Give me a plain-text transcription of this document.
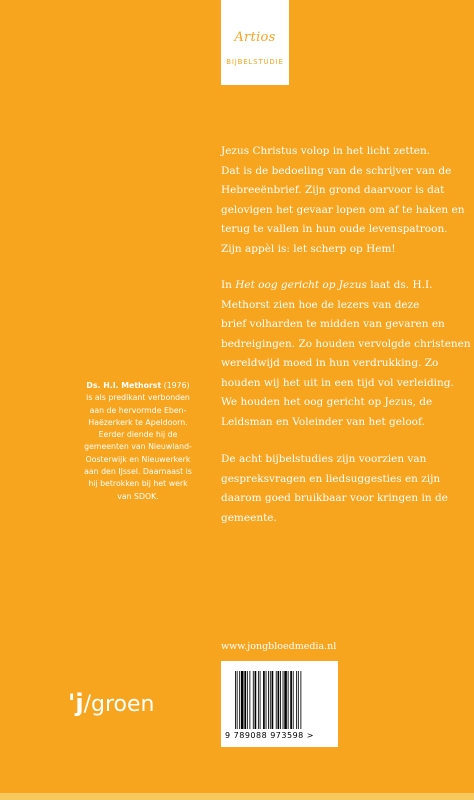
Artios
BIJBELSTUDIE
Jezus Christus volop in het licht zetten.
Dat is de bedoeling van de schrijver van de
Hebreeënbrief. Zijn grond daarvoor is dat
gelovigen het gevaar lopen om af te haken en
terug te vallen in hun oude levenspatroon.
Zijn appèl is: let scherp op Hem!
In Het oog gericht op Jezus laat ds. H.I.
Methorst zien hoe de lezers van deze
brief volharden te midden van gevaren en
bedreigingen. Zo houden vervolgde christenen
wereldwijd moed in hun verdrukking. Zo
houden wij het uit in een tijd vol verleiding.
We houden het oog gericht op Jezus, de
Leidsman en Voleinder van het geloof.
De acht bijbelstudies zijn voorzien van
gespreksvragen en liedsuggesties en zijn
daarom goed bruikbaar voor kringen in de
gemeente.
Ds. H.I. Methorst (1976)
is als predikant verbonden
aan de hervormde Eben-
Haëzerkerk te Apeldoorn.
Eerder diende hij de
gemeenten van Nieuwland-
Oosterwijk en Nieuwerkerk
aan den IJssel. Daarnaast is
hij betrokken bij het werk
van SDOK.
www.jongbloedmedia.nl
9 789088 973598 >
'j/groen
